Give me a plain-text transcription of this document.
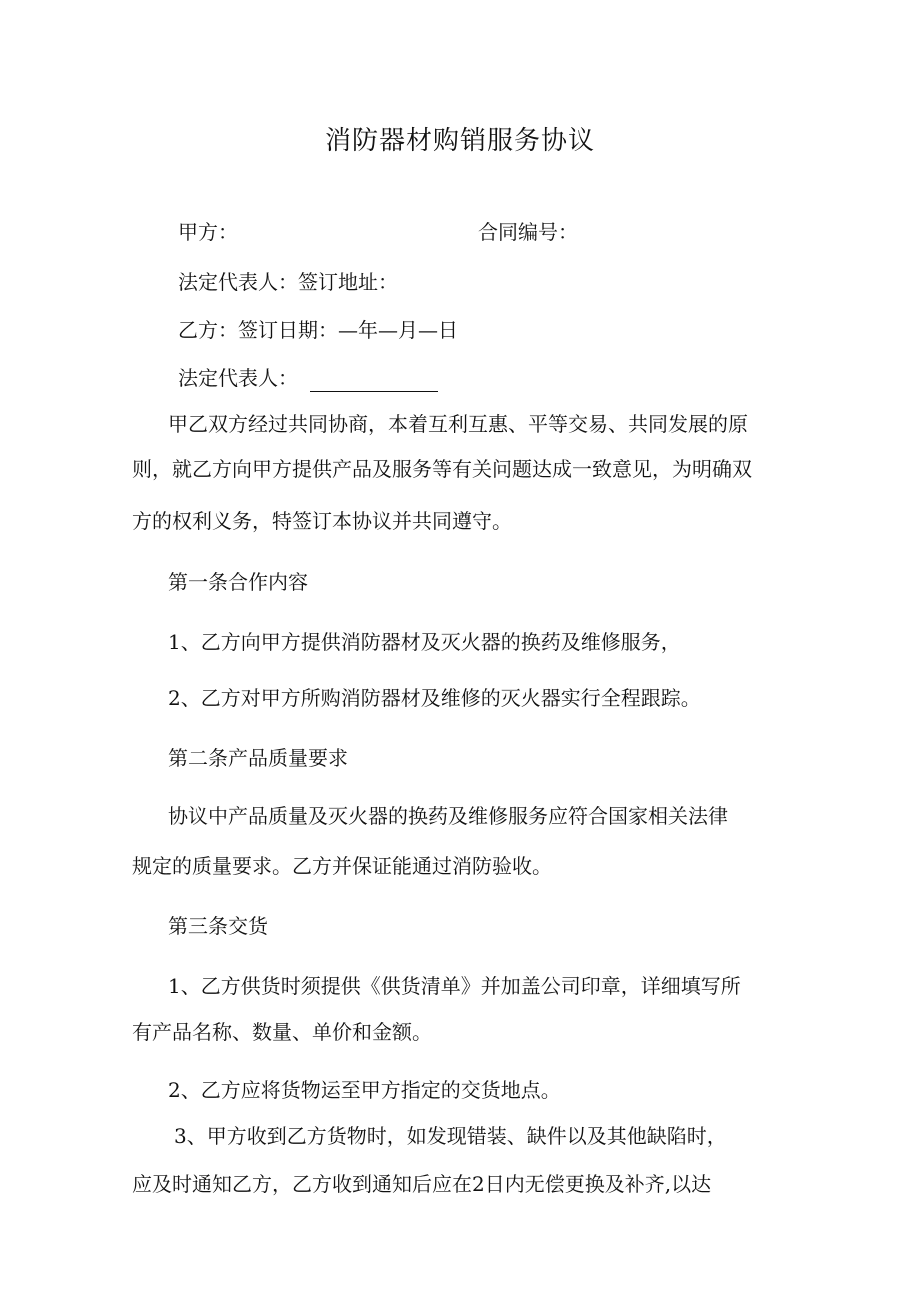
消防器材购销服务协议
甲方：	合同编号：
法定代表人：签订地址：
乙方：签订日期：—年—月—日
法定代表人：
甲乙双方经过共同协商，本着互利互惠、平等交易、共同发展的原
则，就乙方向甲方提供产品及服务等有关问题达成一致意见，为明确双
方的权利义务，特签订本协议并共同遵守。
第一条合作内容
1、乙方向甲方提供消防器材及灭火器的换药及维修服务，
2、乙方对甲方所购消防器材及维修的灭火器实行全程跟踪。
第二条产品质量要求
协议中产品质量及灭火器的换药及维修服务应符合国家相关法律
规定的质量要求。乙方并保证能通过消防验收。
第三条交货
1、乙方供货时须提供《供货清单》并加盖公司印章，详细填写所
有产品名称、数量、单价和金额。
2、乙方应将货物运至甲方指定的交货地点。
3、甲方收到乙方货物时，如发现错装、缺件以及其他缺陷时，
应及时通知乙方，乙方收到通知后应在2日内无偿更换及补齐,以达
